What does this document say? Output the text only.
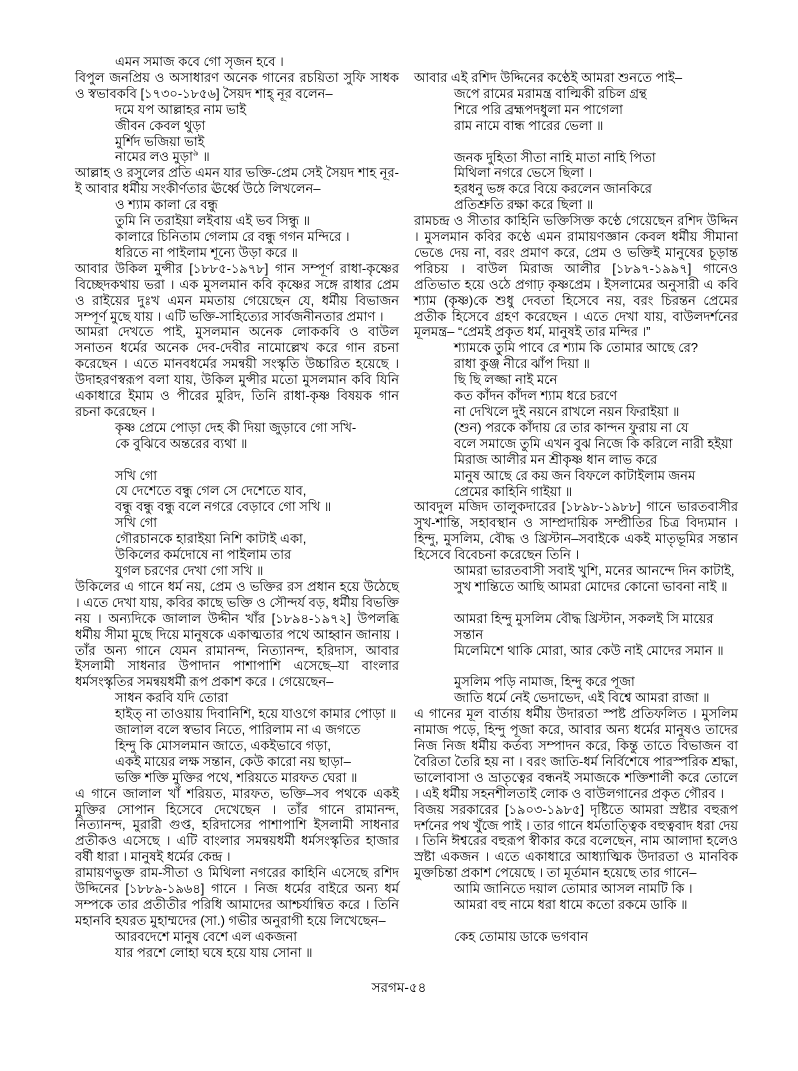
এমন সমাজ কবে গো সৃজন হবে ।

বিপুল জনপ্রিয় ও অসাধারণ অনেক গানের রচয়িতা সুফি সাধক ও স্বভাবকবি [১৭৩০-১৮৫৬] সৈয়দ শাহ্ নূর বলেন–

দমে যপ আল্লাহর নাম ভাই
জীবন কেবল থুড়া
মুর্শিদ ভজিয়া ভাই
নামের লও মুড়া$^৯$ ॥

আল্লাহ ও রসুলের প্রতি এমন যার ভক্তি-প্রেম সেই সৈয়দ শাহ নূর-ই আবার ধর্মীয় সংকীর্ণতার ঊর্ধ্বে উঠে লিখলেন–

ও শ্যাম কালা রে বন্ধু
তুমি নি তরাইয়া লইবায় এই ভব সিন্ধু ॥
কালারে চিনিতাম গেলাম রে বন্ধু গগন মন্দিরে ।
ধরিতে না পাইলাম শূন্যে উড়া করে ॥

আবার উকিল মুন্সীর [১৮৮৫-১৯৭৮] গান সম্পূর্ণ রাধা-কৃষ্ণের বিচ্ছেদকথায় ভরা । এক মুসলমান কবি কৃষ্ণের সঙ্গে রাধার প্রেম ও রাইয়ের দুঃখ এমন মমতায় গেয়েছেন যে, ধর্মীয় বিভাজন সম্পূর্ণ মুছে যায় । এটি ভক্তি-সাহিত্যের সার্বজনীনতার প্রমাণ ।

আমরা দেখতে পাই, মুসলমান অনেক লোককবি ও বাউল সনাতন ধর্মের অনেক দেব-দেবীর নামোল্লেখ করে গান রচনা করেছেন । এতে মানবধর্মের সমন্বয়ী সংস্কৃতি উচ্চারিত হয়েছে । উদাহরণস্বরূপ বলা যায়, উকিল মুন্সীর মতো মুসলমান কবি যিনি একাধারে ইমাম ও পীরের মুরিদ, তিনি রাধা-কৃষ্ণ বিষয়ক গান রচনা করেছেন ।

কৃষ্ণ প্রেমে পোড়া দেহ কী দিয়া জুড়াবে গো সখি-
কে বুঝিবে অন্তরের ব্যথা ॥
সখি গো
যে দেশেতে বন্ধু গেল সে দেশেতে যাব,
বন্ধু বন্ধু বন্ধু বলে নগরে বেড়াবে গো সখি ॥
সখি গো
গৌরচানকে হারাইয়া নিশি কাটাই একা,
উকিলের কর্মদোষে না পাইলাম তার
যুগল চরণের দেখা গো সখি ॥

উকিলের এ গানে ধর্ম নয়, প্রেম ও ভক্তির রস প্রধান হয়ে উঠেছে । এতে দেখা যায়, কবির কাছে ভক্তি ও সৌন্দর্য বড়, ধর্মীয় বিভক্তি নয় । অন্যদিকে জালাল উদ্দীন খাঁর [১৮৯৪-১৯৭২] উপলব্ধি ধর্মীয় সীমা মুছে দিয়ে মানুষকে একাত্মতার পথে আহ্বান জানায় । তাঁর অন্য গানে যেমন রামানন্দ, নিত্যানন্দ, হরিদাস, আবার ইসলামী সাধনার উপাদান পাশাপাশি এসেছে–যা বাংলার ধর্মসংস্কৃতির সমন্বয়ধর্মী রূপ প্রকাশ করে । গেয়েছেন–

সাধন করবি যদি তোরা
হাইত্ না তাওয়ায় দিবানিশি, হয়ে যাওগে কামার পোড়া ॥
জালাল বলে স্বভাব নিতে, পারিলাম না এ জগতে
হিন্দু কি মোসলমান জাতে, একইভাবে গড়া,
একই মায়ের লক্ষ সন্তান, কেউ কারো নয় ছাড়া–
ভক্তি শক্তি মুক্তির পথে, শরিয়তে মারফত ঘেরা ॥

এ গানে জালাল খাঁ শরিয়ত, মারফত, ভক্তি–সব পথকে একই মুক্তির সোপান হিসেবে দেখেছেন । তাঁর গানে রামানন্দ, নিত্যানন্দ, মুরারী গুপ্ত, হরিদাসের পাশাপাশি ইসলামী সাধনার প্রতীকও এসেছে । এটি বাংলার সমন্বয়ধর্মী ধর্মসংস্কৃতির হাজার বর্ষী ধারা । মানুষই ধর্মের কেন্দ্র ।

রামায়ণভুক্ত রাম-সীতা ও মিথিলা নগরের কাহিনি এসেছে রশিদ উদ্দিনের [১৮৮৯-১৯৬৪] গানে । নিজ ধর্মের বাইরে অন্য ধর্ম সম্পকে তার প্রতীতীর পরিধি আমাদের আশ্চর্যান্বিত করে । তিনি মহানবি হযরত মুহাম্মদের (সা.) গভীর অনুরাগী হয়ে লিখেছেন–

আরবদেশে মানুষ বেশে এল একজনা
যার পরশে লোহা ঘষে হয়ে যায় সোনা ॥

আবার এই রশিদ উদ্দিনের কণ্ঠেই আমরা শুনতে পাই–

জপে রামের মরামন্ত্র বাল্মিকী রচিল গ্রন্থ
শিরে পরি ব্রহ্মপদধুলা মন পাগেলা
রাম নামে বান্ধ পারের ভেলা ॥
জনক দুহিতা সীতা নাহি মাতা নাহি পিতা
মিথিলা নগরে ভেসে ছিলা ।
হরধনু ভঙ্গ করে বিয়ে করলেন জানকিরে
প্রতিশ্রুতি রক্ষা করে ছিলা ॥

রামচন্দ্র ও সীতার কাহিনি ভক্তিসিক্ত কণ্ঠে গেয়েছেন রশিদ উদ্দিন । মুসলমান কবির কণ্ঠে এমন রামায়ণজ্ঞান কেবল ধর্মীয় সীমানা ভেঙে দেয় না, বরং প্রমাণ করে, প্রেম ও ভক্তিই মানুষের চূড়ান্ত পরিচয় । বাউল মিরাজ আলীর [১৮৯৭-১৯৯৭] গানেও প্রতিভাত হয়ে ওঠে প্রগাঢ় কৃষ্ণপ্রেম । ইসলামের অনুসারী এ কবি শ্যাম (কৃষ্ণ)কে শুধু দেবতা হিসেবে নয়, বরং চিরন্তন প্রেমের প্রতীক হিসেবে গ্রহণ করেছেন । এতে দেখা যায়, বাউলদর্শনের মূলমন্ত্র– “প্রেমই প্রকৃত ধর্ম, মানুষই তার মন্দির ।”

শ্যামকে তুমি পাবে রে শ্যাম কি তোমার আছে রে?
রাধা কুঞ্জ নীরে ঝাঁপ দিয়া ॥
ছি ছি লজ্জা নাই মনে
কত কাঁদন কাঁদল শ্যাম ধরে চরণে
না দেখিলে দুই নয়নে রাখলে নয়ন ফিরাইয়া ॥
(শুন) পরকে কাঁদায় রে তার কান্দন ফুরায় না যে
বলে সমাজে তুমি এখন বুঝ নিজে কি করিলে নারী হইয়া
মিরাজ আলীর মন শ্রীকৃষ্ণ ধান লাভ করে
মানুষ আছে রে কয় জন বিফলে কাটাইলাম জনম
প্রেমের কাহিনি গাইয়া ॥

আবদুল মজিদ তালুকদারের [১৮৯৮-১৯৮৮] গানে ভারতবাসীর সুখ-শান্তি, সহাবস্থান ও সাম্প্রদায়িক সম্প্রীতির চিত্র বিদ্যমান । হিন্দু, মুসলিম, বৌদ্ধ ও খ্রিস্টান–সবাইকে একই মাতৃভূমির সন্তান হিসেবে বিবেচনা করেছেন তিনি ।

আমরা ভারতবাসী সবাই খুশি, মনের আনন্দে দিন কাটাই,
সুখ শান্তিতে আছি আমরা মোদের কোনো ভাবনা নাই ॥
আমরা হিন্দু মুসলিম বৌদ্ধ খ্রিস্টান, সকলই সি মায়ের সন্তান
মিলেমিশে থাকি মোরা, আর কেউ নাই মোদের সমান ॥
মুসলিম পড়ি নামাজ, হিন্দু করে পূজা
জাতি ধর্মে নেই ভেদাভেদ, এই বিশ্বে আমরা রাজা ॥

এ গানের মূল বার্তায় ধর্মীয় উদারতা স্পষ্ট প্রতিফলিত । মুসলিম নামাজ পড়ে, হিন্দু পূজা করে, আবার অন্য ধর্মের মানুষও তাদের নিজ নিজ ধর্মীয় কর্তব্য সম্পাদন করে, কিন্তু তাতে বিভাজন বা বৈরিতা তৈরি হয় না । বরং জাতি-ধর্ম নির্বিশেষে পারস্পরিক শ্রদ্ধা, ভালোবাসা ও ভ্রাতৃত্বের বন্ধনই সমাজকে শক্তিশালী করে তোলে । এই ধর্মীয় সহনশীলতাই লোক ও বাউলগানের প্রকৃত গৌরব ।

বিজয় সরকারের [১৯০৩-১৯৮৫] দৃষ্টিতে আমরা স্রষ্টার বহুরূপ দর্শনের পথ খুঁজে পাই । তার গানে ধর্মতাত্ত্বিক বহুত্ববাদ ধরা দেয় । তিনি ঈশ্বরের বহুরূপ স্বীকার করে বলেছেন, নাম আলাদা হলেও স্রষ্টা একজন । এতে একাধারে আধ্যাত্মিক উদারতা ও মানবিক মুক্তচিন্তা প্রকাশ পেয়েছে । তা মূর্তমান হয়েছে তার গানে–

আমি জানিতে দয়াল তোমার আসল নামটি কি ।
আমরা বহু নামে ধরা ধামে কতো রকমে ডাকি ॥
কেহ তোমায় ডাকে ভগবান
সরগম-৫৪
